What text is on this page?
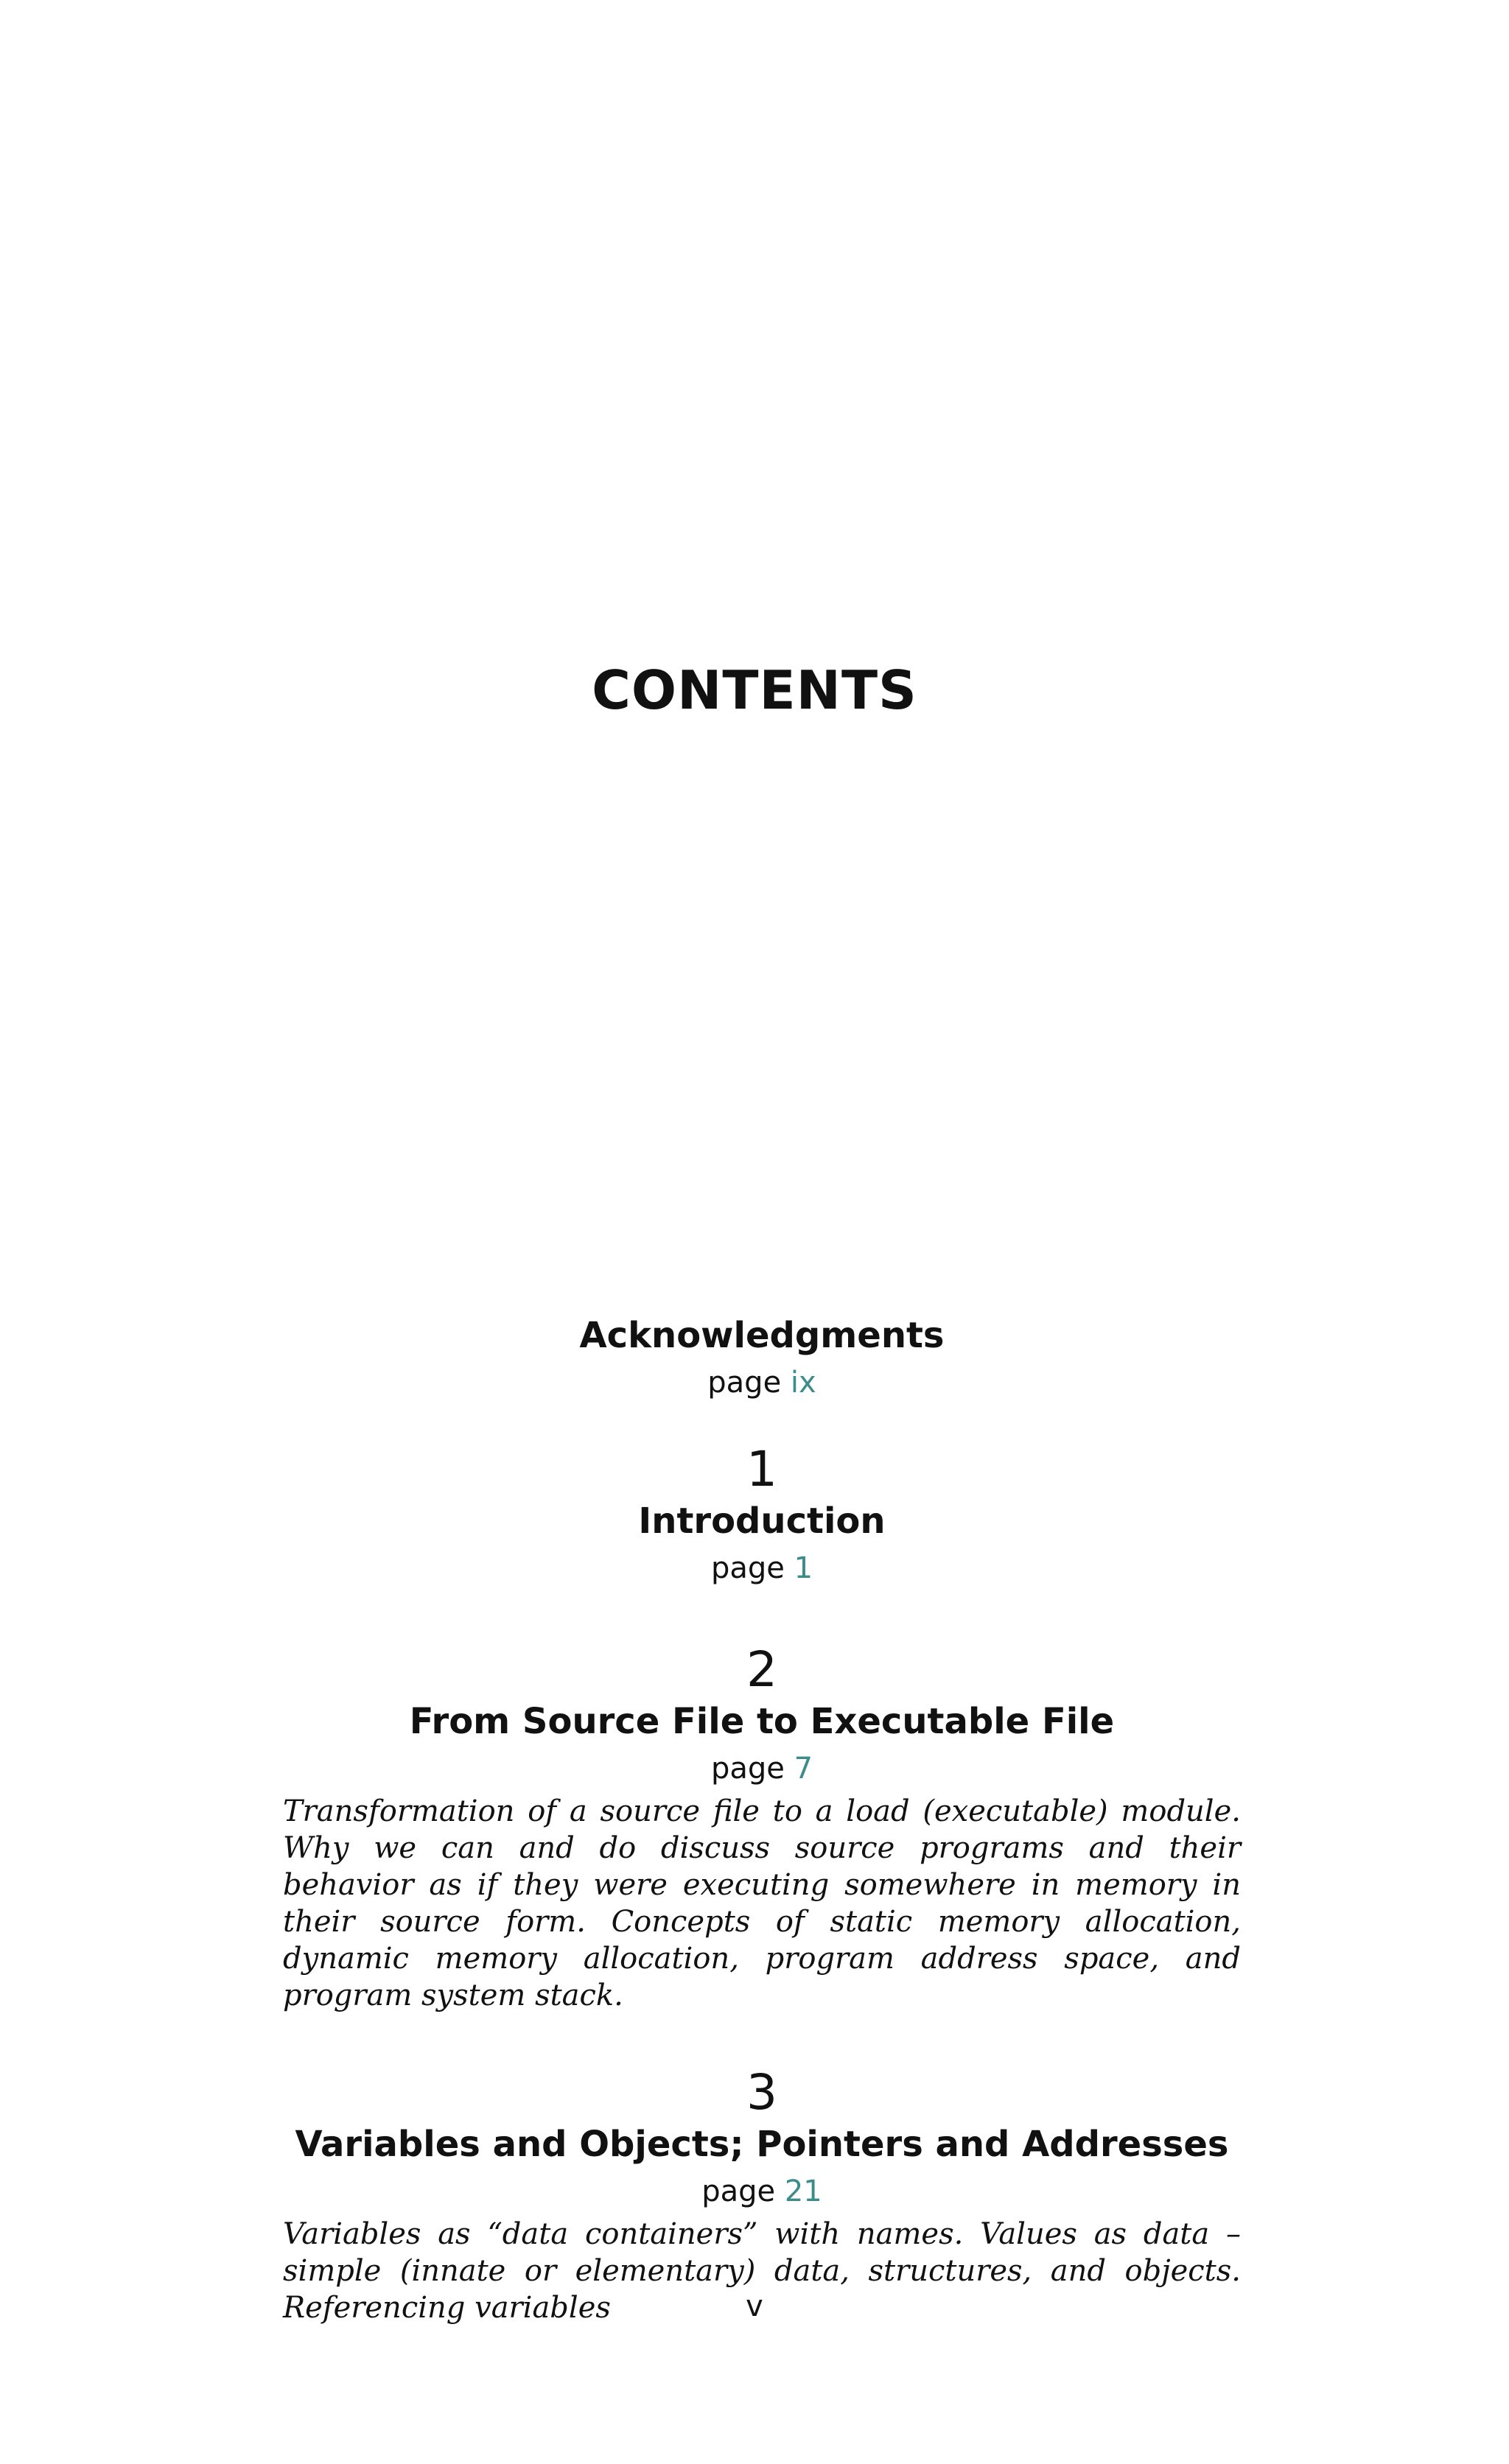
CONTENTS
Acknowledgments
page ix
1
Introduction
page 1
2
From Source File to Executable File
page 7

Transformation of a source file to a load (executable) module. Why we can and do discuss source programs and their behavior as if they were executing somewhere in memory in their source form. Concepts of static memory allocation, dynamic memory allocation, program address space, and program system stack.

3
Variables and Objects; Pointers and Addresses
page 21

Variables as “data containers” with names. Values as data – simple (innate or elementary) data, structures, and objects. Referencing variables	v
